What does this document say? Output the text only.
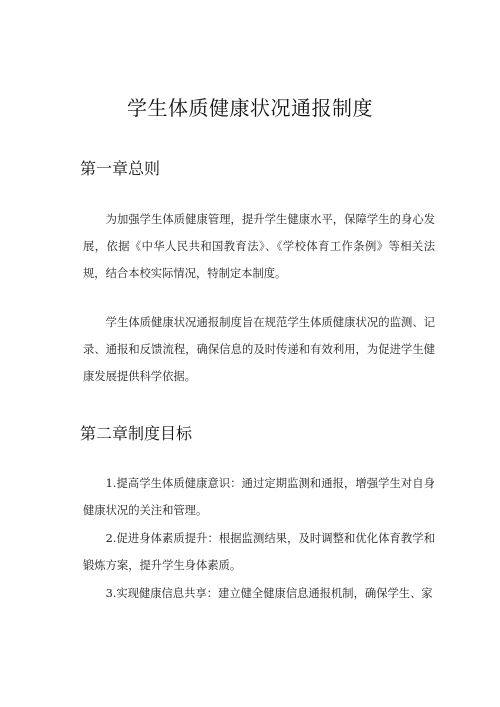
学生体质健康状况通报制度
第一章总则

为加强学生体质健康管理，提升学生健康水平，保障学生的身心发展，依据《中华人民共和国教育法》、《学校体育工作条例》等相关法规，结合本校实际情况，特制定本制度。

学生体质健康状况通报制度旨在规范学生体质健康状况的监测、记录、通报和反馈流程，确保信息的及时传递和有效利用，为促进学生健康发展提供科学依据。

第二章制度目标

1.提高学生体质健康意识：通过定期监测和通报，增强学生对自身健康状况的关注和管理。

2.促进身体素质提升：根据监测结果，及时调整和优化体育教学和锻炼方案，提升学生身体素质。

3.实现健康信息共享：建立健全健康信息通报机制，确保学生、家
